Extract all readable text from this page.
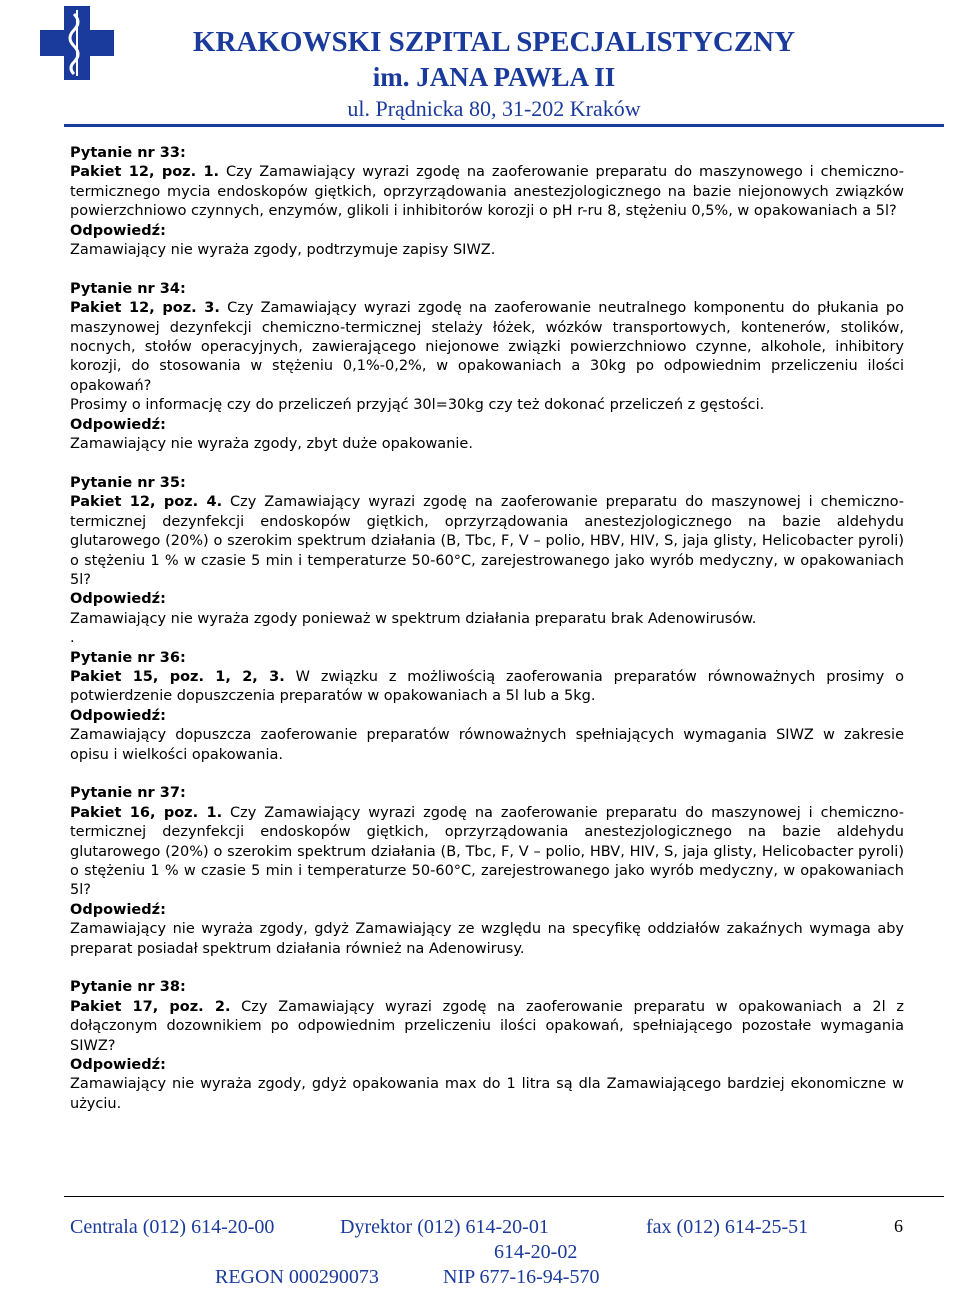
KRAKOWSKI SZPITAL SPECJALISTYCZNY
im. JANA PAWŁA II
ul. Prądnicka 80, 31-202 Kraków

Pytanie nr 33:

Pakiet 12, poz. 1. Czy Zamawiający wyrazi zgodę na zaoferowanie preparatu do maszynowego i chemiczno-termicznego mycia endoskopów giętkich, oprzyrządowania anestezjologicznego na bazie niejonowych związków powierzchniowo czynnych, enzymów, glikoli i inhibitorów korozji o pH r-ru 8, stężeniu 0,5%, w opakowaniach a 5l?

Odpowiedź:

Zamawiający nie wyraża zgody, podtrzymuje zapisy SIWZ.

Pytanie nr 34:

Pakiet 12, poz. 3. Czy Zamawiający wyrazi zgodę na zaoferowanie neutralnego komponentu do płukania po maszynowej dezynfekcji chemiczno-termicznej stelaży łóżek, wózków transportowych, kontenerów, stolików, nocnych, stołów operacyjnych, zawierającego niejonowe związki powierzchniowo czynne, alkohole, inhibitory korozji, do stosowania w stężeniu 0,1%-0,2%, w opakowaniach a 30kg po odpowiednim przeliczeniu ilości opakowań?

Prosimy o informację czy do przeliczeń przyjąć 30l=30kg czy też dokonać przeliczeń z gęstości.

Odpowiedź:

Zamawiający nie wyraża zgody, zbyt duże opakowanie.

Pytanie nr 35:

Pakiet 12, poz. 4. Czy Zamawiający wyrazi zgodę na zaoferowanie preparatu do maszynowej i chemiczno-termicznej dezynfekcji endoskopów giętkich, oprzyrządowania anestezjologicznego na bazie aldehydu glutarowego (20%) o szerokim spektrum działania (B, Tbc, F, V – polio, HBV, HIV, S, jaja glisty, Helicobacter pyroli) o stężeniu 1 % w czasie 5 min i temperaturze 50-60°C, zarejestrowanego jako wyrób medyczny, w opakowaniach 5l?

Odpowiedź:

Zamawiający nie wyraża zgody ponieważ w spektrum działania preparatu brak Adenowirusów.

.

Pytanie nr 36:

Pakiet 15, poz. 1, 2, 3. W związku z możliwością zaoferowania preparatów równoważnych prosimy o potwierdzenie dopuszczenia preparatów w opakowaniach a 5l lub a 5kg.

Odpowiedź:

Zamawiający dopuszcza zaoferowanie preparatów równoważnych spełniających wymagania SIWZ w zakresie opisu i wielkości opakowania.

Pytanie nr 37:

Pakiet 16, poz. 1. Czy Zamawiający wyrazi zgodę na zaoferowanie preparatu do maszynowej i chemiczno-termicznej dezynfekcji endoskopów giętkich, oprzyrządowania anestezjologicznego na bazie aldehydu glutarowego (20%) o szerokim spektrum działania (B, Tbc, F, V – polio, HBV, HIV, S, jaja glisty, Helicobacter pyroli) o stężeniu 1 % w czasie 5 min i temperaturze 50-60°C, zarejestrowanego jako wyrób medyczny, w opakowaniach 5l?

Odpowiedź:

Zamawiający nie wyraża zgody, gdyż Zamawiający ze względu na specyfikę oddziałów zakaźnych wymaga aby preparat posiadał spektrum działania również na Adenowirusy.

Pytanie nr 38:

Pakiet 17, poz. 2. Czy Zamawiający wyrazi zgodę na zaoferowanie preparatu w opakowaniach a 2l z dołączonym dozownikiem po odpowiednim przeliczeniu ilości opakowań, spełniającego pozostałe wymagania SIWZ?

Odpowiedź:

Zamawiający nie wyraża zgody, gdyż opakowania max do 1 litra są dla Zamawiającego bardziej ekonomiczne w użyciu.

Centrala (012) 614-20-00	Dyrektor (012) 614-20-01
614-20-02
fax (012) 614-25-51
REGON 000290073	NIP 677-16-94-570
6
